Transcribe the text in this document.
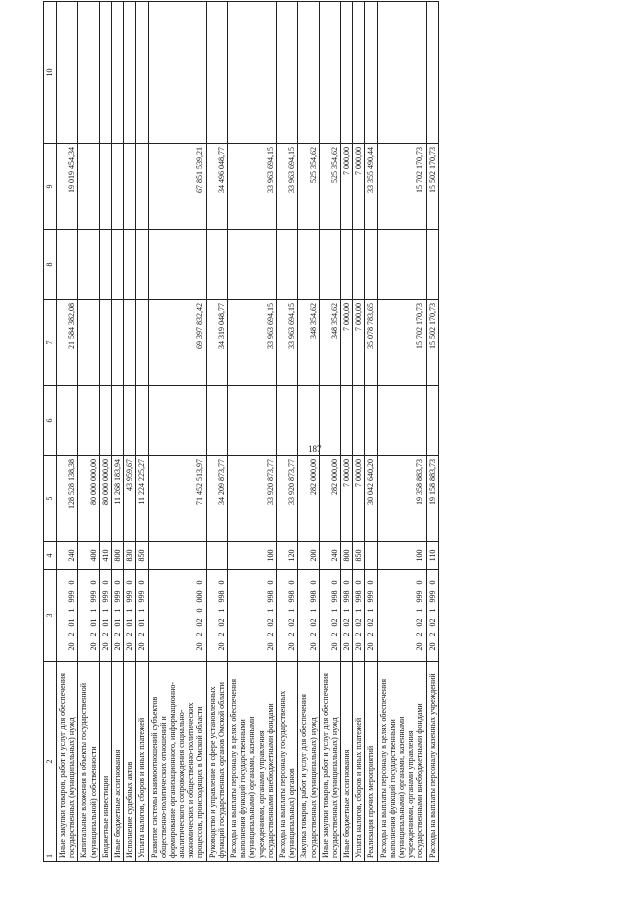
187
1	2	3	4	5	6	7	8	9	10
	Иные закупки товаров, работ и услуг для обеспечения государственных (муниципальных) нужд	20 2 01 1 999 0	240	128 528 138,38		21 584 382,08		19 019 454,34	
	Капитальные вложения в объекты государственной (муниципальной) собственности	20 2 01 1 999 0	400	80 000 000,00					
	Бюджетные инвестиции	20 2 01 1 999 0	410	80 000 000,00					
	Иные бюджетные ассигнования	20 2 01 1 999 0	800	11 268 183,94					
	Исполнение судебных актов	20 2 01 1 999 0	830	43 959,67					
	Уплата налогов, сборов и иных платежей	20 2 01 1 999 0	850	11 224 225,27					
	Развитие системы взаимоотношений субъектов общественно-политических отношений и формирование организационного, информационно-аналитического сопровождения социально-экономических и общественно-политических процессов, происходящих в Омской области	20 2 02 0 000 0		71 452 513,97		69 397 832,42		67 851 539,21	
	Руководство и управление в сфере установленных функций государственных органов Омской области	20 2 02 1 998 0		34 209 873,77		34 319 048,77		34 496 048,77	
	Расходы на выплаты персоналу в целях обеспечения выполнения функций государственными (муниципальными) органами, казенными учреждениями, органами управления государственными внебюджетными фондами	20 2 02 1 998 0	100	33 920 873,77		33 963 694,15		33 963 694,15	
	Расходы на выплаты персоналу государственных (муниципальных) органов	20 2 02 1 998 0	120	33 920 873,77		33 963 694,15		33 963 694,15	
	Закупка товаров, работ и услуг для обеспечения государственных (муниципальных) нужд	20 2 02 1 998 0	200	282 000,00		348 354,62		525 354,62	
	Иные закупки товаров, работ и услуг для обеспечения государственных (муниципальных) нужд	20 2 02 1 998 0	240	282 000,00		348 354,62		525 354,62	
	Иные бюджетные ассигнования	20 2 02 1 998 0	800	7 000,00		7 000,00		7 000,00	
	Уплата налогов, сборов и иных платежей	20 2 02 1 998 0	850	7 000,00		7 000,00		7 000,00	
	Реализация прочих мероприятий	20 2 02 1 999 0		30 042 640,20		35 078 783,65		33 355 490,44	
	Расходы на выплаты персоналу в целях обеспечения выполнения функций государственными (муниципальными) органами, казенными учреждениями, органами управления государственными внебюджетными фондами	20 2 02 1 999 0	100	19 358 883,73		15 702 170,73		15 702 170,73	
	Расходы на выплаты персоналу казенных учреждений	20 2 02 1 999 0	110	19 158 883,73		15 502 170,73		15 502 170,73	
